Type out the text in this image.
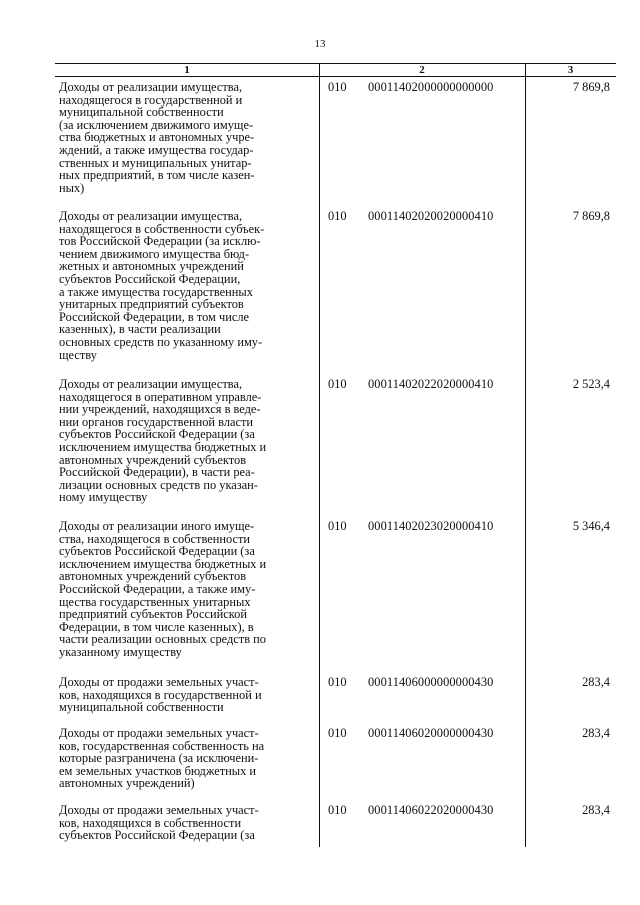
13
1	2	3
Доходы от реализации имущества,
находящегося в государственной и
муниципальной собственности
(за исключением движимого имуще-
ства бюджетных и автономных учре-
ждений, а также имущества государ-
ственных и муниципальных унитар-
ных предприятий, в том числе казен-
ных)
010 00011402000000000000	7 869,8
Доходы от реализации имущества,
находящегося в собственности субъек-
тов Российской Федерации (за исклю-
чением движимого имущества бюд-
жетных и автономных учреждений
субъектов Российской Федерации,
а также имущества государственных
унитарных предприятий субъектов
Российской Федерации, в том числе
казенных), в части реализации
основных средств по указанному иму-
ществу
010 00011402020020000410	7 869,8
Доходы от реализации имущества,
находящегося в оперативном управле-
нии учреждений, находящихся в веде-
нии органов государственной власти
субъектов Российской Федерации (за
исключением имущества бюджетных и
автономных учреждений субъектов
Российской Федерации), в части реа-
лизации основных средств по указан-
ному имуществу
010 00011402022020000410	2 523,4
Доходы от реализации иного имуще-
ства, находящегося в собственности
субъектов Российской Федерации (за
исключением имущества бюджетных и
автономных учреждений субъектов
Российской Федерации, а также иму-
щества государственных унитарных
предприятий субъектов Российской
Федерации, в том числе казенных), в
части реализации основных средств по
указанному имуществу
010 00011402023020000410	5 346,4
Доходы от продажи земельных участ-
ков, находящихся в государственной и
муниципальной собственности
010 00011406000000000430	283,4
Доходы от продажи земельных участ-
ков, государственная собственность на
которые разграничена (за исключени-
ем земельных участков бюджетных и
автономных учреждений)
010 00011406020000000430	283,4
Доходы от продажи земельных участ-
ков, находящихся в собственности
субъектов Российской Федерации (за
010 00011406022020000430	283,4
